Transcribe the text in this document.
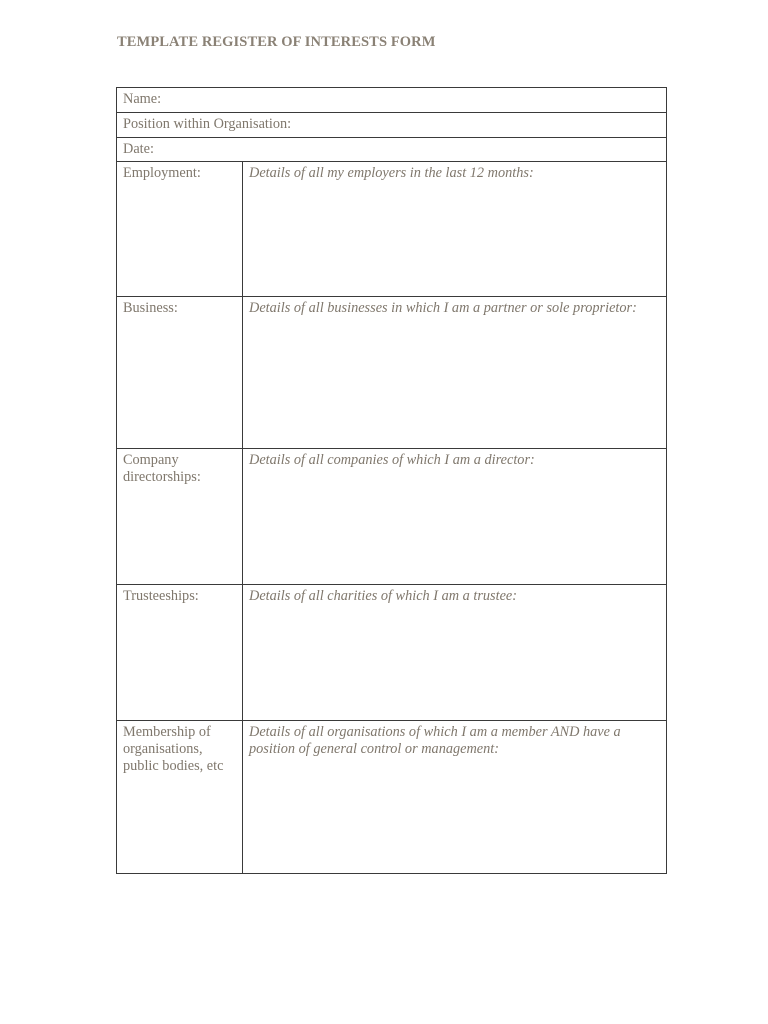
TEMPLATE REGISTER OF INTERESTS FORM
Name:	
Position within Organisation:	
Date:	
Employment:	Details of all my employers in the last 12 months:
Business:	Details of all businesses in which I am a partner or sole proprietor:
Company directorships:	Details of all companies of which I am a director:
Trusteeships:	Details of all charities of which I am a trustee:
Membership of organisations, public bodies, etc	Details of all organisations of which I am a member AND have a position of general control or management:
